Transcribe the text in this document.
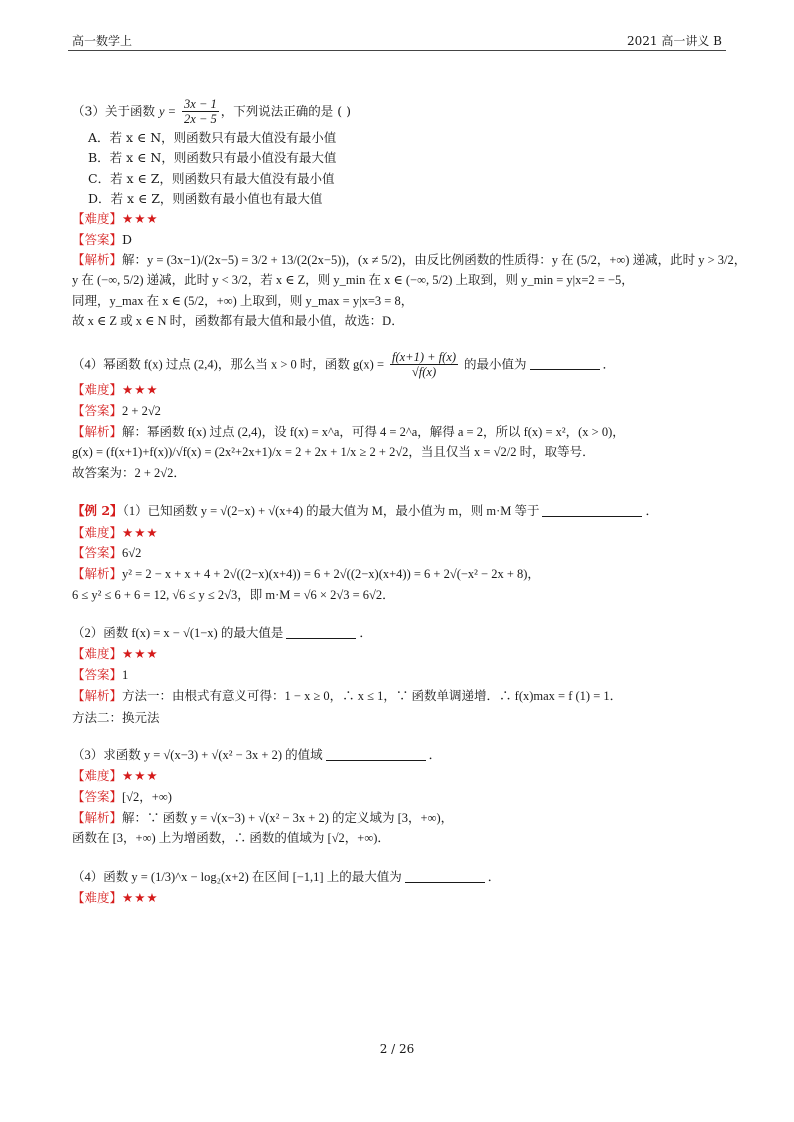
高一数学上	2021 高一讲义 B
（3）关于函数 $y = \frac{3x - 1}{2x - 5}$ ，下列说法正确的是 ( )
A．若 x ∈ N，则函数只有最大值没有最小值
B．若 x ∈ N，则函数只有最小值没有最大值
C．若 x ∈ Z，则函数只有最大值没有最小值
D．若 x ∈ Z，则函数有最小值也有最大值
【难度】★★★
【答案】D
【解析】解：y = (3x−1)/(2x−5) = 3/2 + 13/(2(2x−5))，(x ≠ 5/2)，由反比例函数的性质得：y 在 (5/2，+∞) 递减，此时 y > 3/2，
y 在 (−∞, 5/2) 递减，此时 y < 3/2，若 x ∈ Z，则 y_min 在 x ∈ (−∞, 5/2) 上取到，则 y_min = y|x=2 = −5，
同理，y_max 在 x ∈ (5/2，+∞) 上取到，则 y_max = y|x=3 = 8，
故 x ∈ Z 或 x ∈ N 时，函数都有最大值和最小值，故选：D．
（4）幂函数 f(x) 过点 (2,4)，那么当 x > 0 时，函数 $g(x) = \frac{f(x+1) + f(x)}{√f(x)}$ 的最小值为	．
【难度】★★★
【答案】2 + 2√2
【解析】解：幂函数 f(x) 过点 (2,4)，设 f(x) = x^a，可得 4 = 2^a，解得 a = 2，所以 f(x) = x²，(x > 0)，
g(x) = (f(x+1)+f(x))/√f(x) = (2x²+2x+1)/x = 2 + 2x + 1/x ≥ 2 + 2√2，当且仅当 x = √2/2 时，取等号．
故答案为：2 + 2√2．
【例 2】（1）已知函数 y = √(2−x) + √(x+4) 的最大值为 M，最小值为 m，则 m·M 等于	．
【难度】★★★
【答案】6√2
【解析】y² = 2 − x + x + 4 + 2√((2−x)(x+4)) = 6 + 2√((2−x)(x+4)) = 6 + 2√(−x² − 2x + 8)，
6 ≤ y² ≤ 6 + 6 = 12, √6 ≤ y ≤ 2√3，即 m·M = √6 × 2√3 = 6√2．
（2）函数 f(x) = x − √(1−x) 的最大值是	．
【难度】★★★
【答案】1
【解析】方法一：由根式有意义可得：1 − x ≥ 0，∴ x ≤ 1，∵ 函数单调递增．∴ f(x)max = f (1) = 1．
方法二：换元法
（3）求函数 y = √(x−3) + √(x² − 3x + 2) 的值域	．
【难度】★★★
【答案】[√2，+∞)
【解析】解：∵ 函数 y = √(x−3) + √(x² − 3x + 2) 的定义域为 [3，+∞)，
函数在 [3，+∞) 上为增函数，∴ 函数的值域为 [√2，+∞)．
（4）函数 y = (1/3)^x − log₂(x+2) 在区间 [−1,1] 上的最大值为	．
【难度】★★★
2 / 26
